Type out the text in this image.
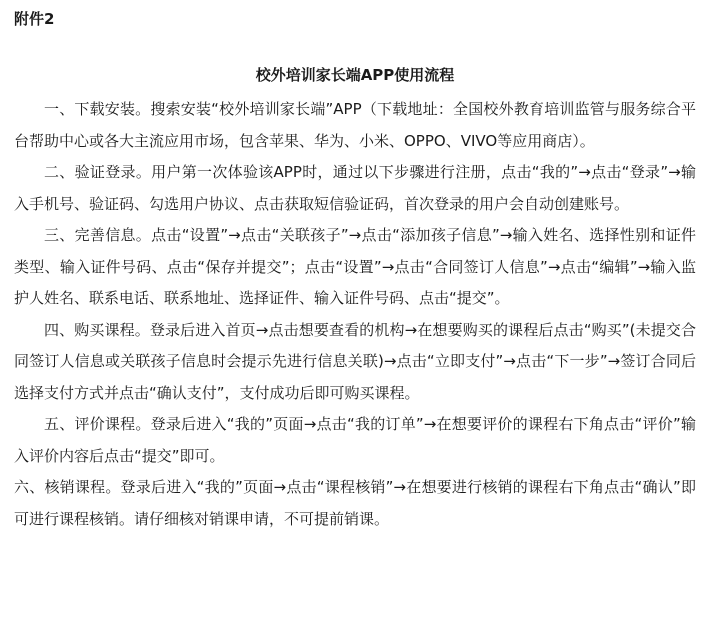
附件2
校外培训家长端APP使用流程

一、下载安装。搜索安装“校外培训家长端”APP（下载地址：全国校外教育培训监管与服务综合平台帮助中心或各大主流应用市场，包含苹果、华为、小米、OPPO、VIVO等应用商店）。

二、验证登录。用户第一次体验该APP时，通过以下步骤进行注册，点击“我的”→点击“登录”→输入手机号、验证码、勾选用户协议、点击获取短信验证码，首次登录的用户会自动创建账号。

三、完善信息。点击“设置”→点击“关联孩子”→点击“添加孩子信息”→输入姓名、选择性别和证件类型、输入证件号码、点击“保存并提交”；点击“设置”→点击“合同签订人信息”→点击“编辑”→输入监护人姓名、联系电话、联系地址、选择证件、输入证件号码、点击“提交”。

四、购买课程。登录后进入首页→点击想要查看的机构→在想要购买的课程后点击“购买”(未提交合同签订人信息或关联孩子信息时会提示先进行信息关联)→点击“立即支付”→点击“下一步”→签订合同后选择支付方式并点击“确认支付”，支付成功后即可购买课程。

五、评价课程。登录后进入“我的”页面→点击“我的订单”→在想要评价的课程右下角点击“评价”输入评价内容后点击“提交”即可。

六、核销课程。登录后进入“我的”页面→点击“课程核销”→在想要进行核销的课程右下角点击“确认”即可进行课程核销。请仔细核对销课申请，不可提前销课。
